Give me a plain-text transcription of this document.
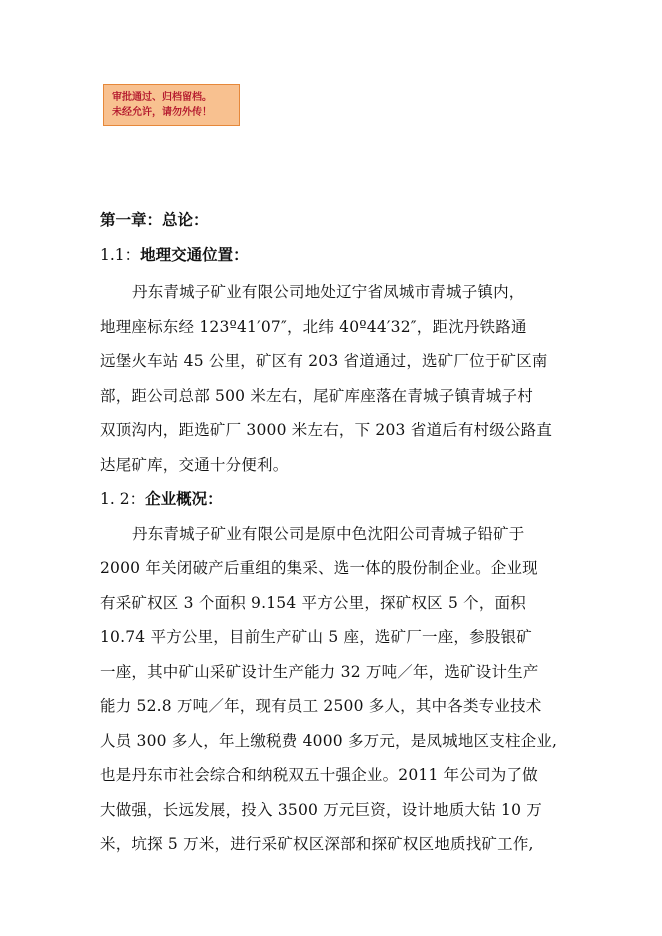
审批通过、归档留档。
未经允许，请勿外传！
第一章：总论：
1.1：地理交通位置：
丹东青城子矿业有限公司地处辽宁省凤城市青城子镇内，
地理座标东经 123º41′07″，北纬 40º44′32″，距沈丹铁路通
远堡火车站 45 公里，矿区有 203 省道通过，选矿厂位于矿区南
部，距公司总部 500 米左右，尾矿库座落在青城子镇青城子村
双顶沟内，距选矿厂 3000 米左右，下 203 省道后有村级公路直
达尾矿库，交通十分便利。
1. 2：企业概况：
丹东青城子矿业有限公司是原中色沈阳公司青城子铅矿于
2000 年关闭破产后重组的集采、选一体的股份制企业。企业现
有采矿权区 3 个面积 9.154 平方公里，探矿权区 5 个，面积
10.74 平方公里，目前生产矿山 5 座，选矿厂一座，参股银矿
一座，其中矿山采矿设计生产能力 32 万吨／年，选矿设计生产
能力 52.8 万吨／年，现有员工 2500 多人，其中各类专业技术
人员 300 多人，年上缴税费 4000 多万元，是凤城地区支柱企业,
也是丹东市社会综合和纳税双五十强企业。2011 年公司为了做
大做强，长远发展，投入 3500 万元巨资，设计地质大钻 10 万
米，坑探 5 万米，进行采矿权区深部和探矿权区地质找矿工作,
